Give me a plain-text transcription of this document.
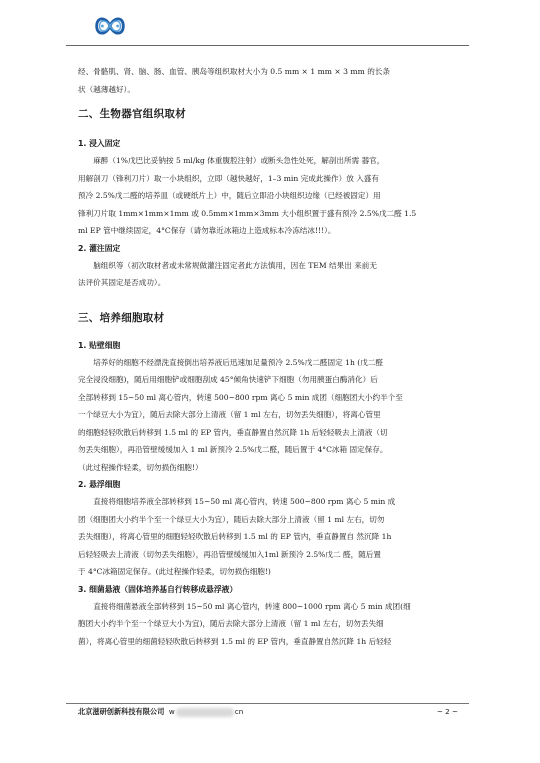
经、骨骼肌、肾、脑、肠、血管、胰岛等组织取材大小为 0.5 mm × 1 mm × 3 mm 的长条

状（越薄越好）。

二、生物器官组织取材

1. 浸入固定

麻醉（1%戊巴比妥钠按 5 ml/kg 体重腹腔注射）或断头急性处死，解剖出所需 器官，

用解剖刀（锋利刀片）取一小块组织，立即（越快越好，1–3 min 完成此操作）放 入盛有

预冷 2.5%戊二醛的培养皿（或硬纸片上）中，随后立即沿小块组织边缘（已经被固定）用

锋利刀片取 1mm×1mm×1mm 或 0.5mm×1mm×3mm 大小组织置于盛有预冷 2.5%戊二醛 1.5

ml EP 管中继续固定，4°C保存（请勿靠近冰箱边上造成标本冷冻结冰!!!）。

2. 灌注固定

脑组织等（初次取材者或未常规做灌注固定者此方法慎用，因在 TEM 结果出 来前无

法评价其固定是否成功）。

三、培养细胞取材

1. 贴壁细胞

培养好的细胞不经漂洗直接倒出培养液后迅速加足量预冷 2.5%戊二醛固定 1h (戊二醛

完全浸没细胞)，随后用细胞铲或细胞刮成 45°倾角快速铲下细胞（勿用胰蛋白酶消化）后

全部转移到 15~50 ml 离心管内，转速 500~800 rpm 离心 5 min 成团（细胞团大小约半个至

一个绿豆大小为宜），随后去除大部分上清液（留 1 ml 左右，切勿丢失细胞），将离心管里

的细胞轻轻吹散后转移到 1.5 ml 的 EP 管内，垂直静置自然沉降 1h 后轻轻吸去上清液（切

勿丢失细胞），再沿管壁缓缓加入 1 ml 新预冷 2.5%戊二醛，随后置于 4°C冰箱 固定保存。

（此过程操作轻柔，切勿损伤细胞!）

2. 悬浮细胞

直接将细胞培养液全部转移到 15~50 ml 离心管内，转速 500~800 rpm 离心 5 min 成

团（细胞团大小约半个至一个绿豆大小为宜），随后去除大部分上清液（留 1 ml 左右，切勿

丢失细胞），将离心管里的细胞轻轻吹散后转移到 1.5 ml 的 EP 管内，垂直静置自 然沉降 1h

后轻轻吸去上清液（切勿丢失细胞），再沿管壁缓缓加入1ml 新预冷 2.5%戊二 醛，随后置

于 4°C冰箱固定保存。(此过程操作轻柔，切勿损伤细胞!)

3. 细菌悬液（固体培养基自行转移成悬浮液）

直接将细菌悬液全部转移到 15~50 ml 离心管内，转速 800~1000 rpm 离心 5 min 成团(细

胞团大小约半个至一个绿豆大小为宜)，随后去除大部分上清液（留 1 ml 左右，切勿丢失细

菌），将离心管里的细菌轻轻吹散后转移到 1.5 ml 的 EP 管内，垂直静置自然沉降 1h 后轻轻

北京滋研创新科技有限公司 w	cn	~ 2 ~
